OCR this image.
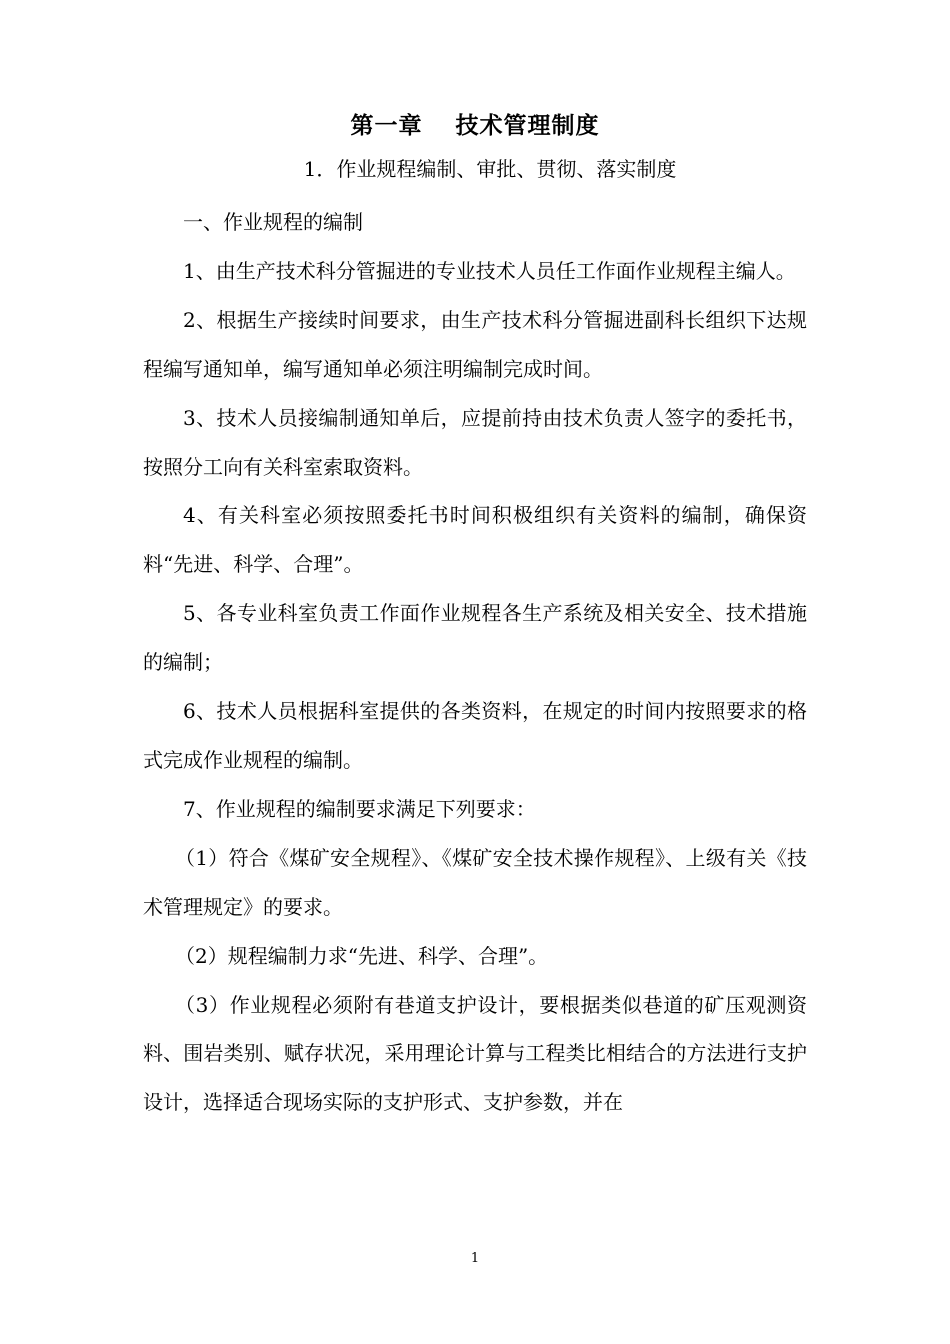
第一章　 技术管理制度
1．作业规程编制、审批、贯彻、落实制度

一、作业规程的编制

1、由生产技术科分管掘进的专业技术人员任工作面作业规程主编人。

2、根据生产接续时间要求，由生产技术科分管掘进副科长组织下达规程编写通知单，编写通知单必须注明编制完成时间。

3、技术人员接编制通知单后，应提前持由技术负责人签字的委托书，按照分工向有关科室索取资料。

4、有关科室必须按照委托书时间积极组织有关资料的编制，确保资料“先进、科学、合理”。

5、各专业科室负责工作面作业规程各生产系统及相关安全、技术措施的编制；

6、技术人员根据科室提供的各类资料，在规定的时间内按照要求的格式完成作业规程的编制。

7、作业规程的编制要求满足下列要求：

（1）符合《煤矿安全规程》、《煤矿安全技术操作规程》、上级有关《技术管理规定》的要求。

（2）规程编制力求“先进、科学、合理”。

（3）作业规程必须附有巷道支护设计，要根据类似巷道的矿压观测资料、围岩类别、赋存状况，采用理论计算与工程类比相结合的方法进行支护设计，选择适合现场实际的支护形式、支护参数，并在

1
